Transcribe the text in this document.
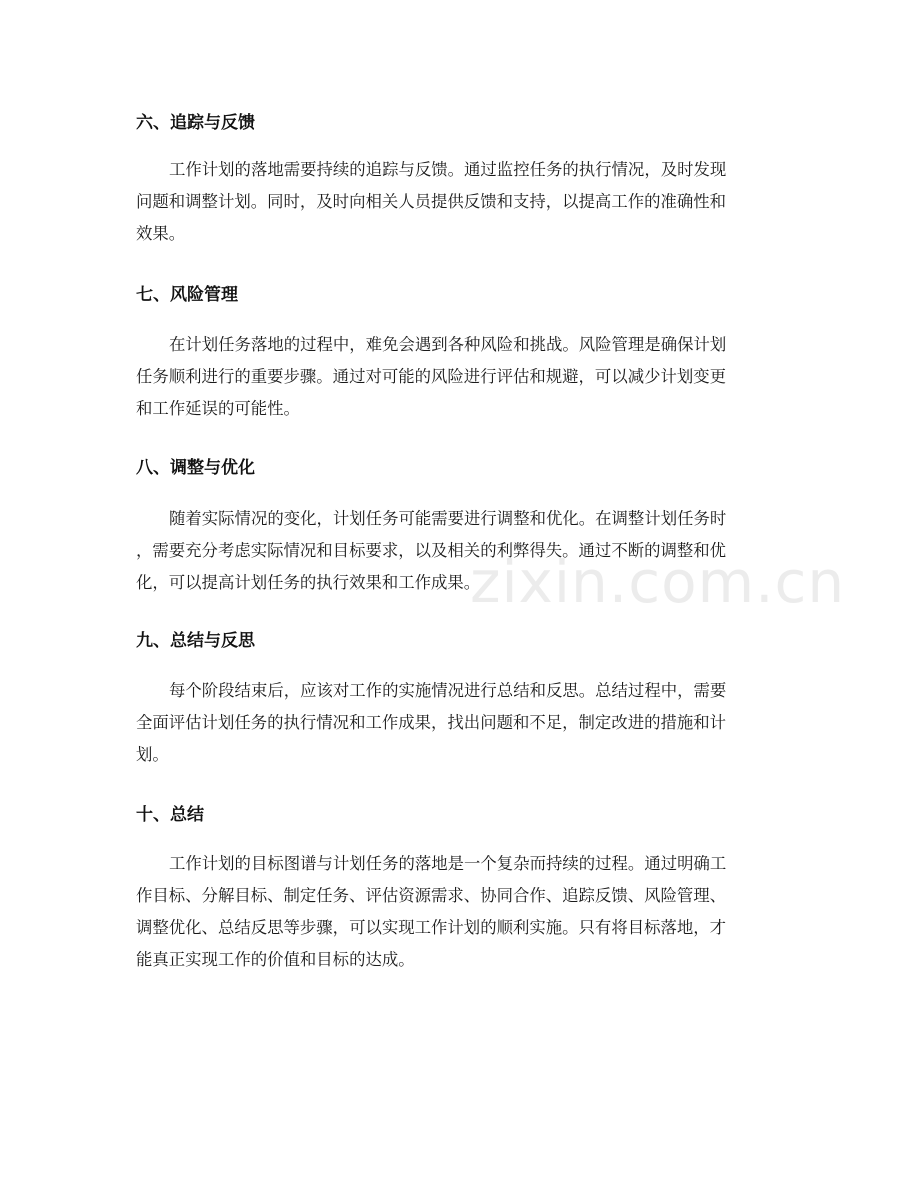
zixin.com.cn
六、追踪与反馈

工作计划的落地需要持续的追踪与反馈。通过监控任务的执行情况，及时发现
问题和调整计划。同时，及时向相关人员提供反馈和支持，以提高工作的准确性和
效果。

七、风险管理

在计划任务落地的过程中，难免会遇到各种风险和挑战。风险管理是确保计划
任务顺利进行的重要步骤。通过对可能的风险进行评估和规避，可以减少计划变更
和工作延误的可能性。

八、调整与优化

随着实际情况的变化，计划任务可能需要进行调整和优化。在调整计划任务时
，需要充分考虑实际情况和目标要求，以及相关的利弊得失。通过不断的调整和优
化，可以提高计划任务的执行效果和工作成果。

九、总结与反思

每个阶段结束后，应该对工作的实施情况进行总结和反思。总结过程中，需要
全面评估计划任务的执行情况和工作成果，找出问题和不足，制定改进的措施和计
划。

十、总结

工作计划的目标图谱与计划任务的落地是一个复杂而持续的过程。通过明确工
作目标、分解目标、制定任务、评估资源需求、协同合作、追踪反馈、风险管理、
调整优化、总结反思等步骤，可以实现工作计划的顺利实施。只有将目标落地，才
能真正实现工作的价值和目标的达成。
